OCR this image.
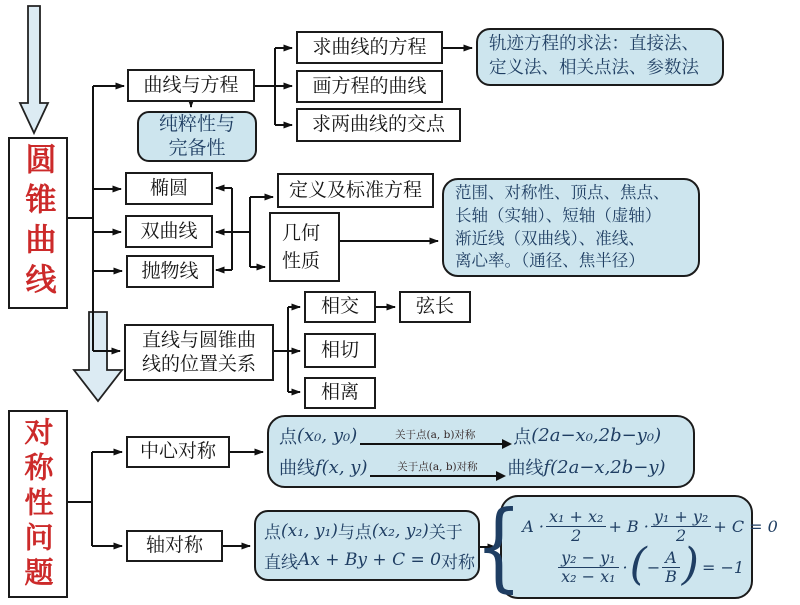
圆锥曲线
对称性问题
曲线与方程
求曲线的方程
画方程的曲线
求两曲线的交点
椭圆
双曲线
抛物线
定义及标准方程
几何
性质
直线与圆锥曲
线的位置关系
相交	弦长
相切
相离
中心对称
轴对称
纯粹性与
完备性
轨迹方程的求法：直接法、
定义法、相关点法、参数法
范围、对称性、顶点、焦点、
长轴（实轴）、短轴（虚轴）
渐近线（双曲线）、准线、
离心率。（通径、焦半径）
点 (x₀, y₀)	关于点(a, b)对称 点 (2a−x₀,2b−y₀)
曲线 f(x, y)	关于点(a, b)对称 曲线 f(2a−x,2b−y)
点 (x₁, y₁) 与点 (x₂, y₂) 关于
直线 Ax + By + C = 0 对称 { $A \cdot \frac{\text{x₁ + x₂}}{2} + B \cdot \frac{\text{y₁ + y₂}}{2} + C = 0$
$\frac{\text{y₂ − y₁}}{\text{x₂ − x₁}}$ · ( − $\frac{A}{B}$ ) = −1
